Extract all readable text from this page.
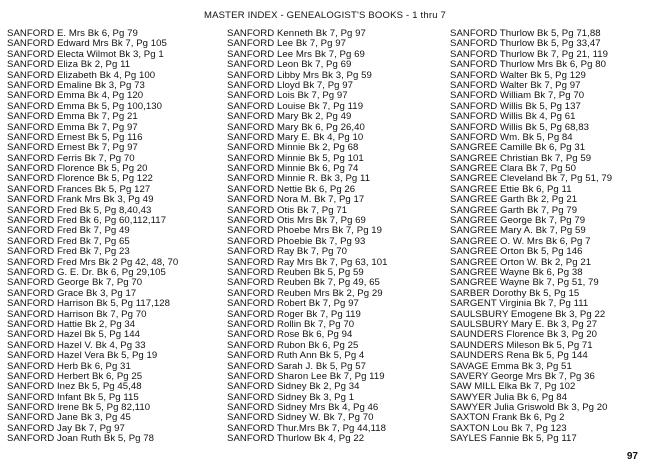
MASTER INDEX - GENEALOGIST'S BOOKS - 1 thru 7
SANFORD E. Mrs Bk 6, Pg 79
SANFORD Edward Mrs Bk 7, Pg 105
SANFORD Electa Wilmot Bk 3, Pg 1
SANFORD Eliza Bk 2, Pg 11
SANFORD Elizabeth Bk 4, Pg 100
SANFORD Emaline Bk 3, Pg 73
SANFORD Emma Bk 4, Pg 120
SANFORD Emma Bk 5, Pg 100,130
SANFORD Emma Bk 7, Pg 21
SANFORD Emma Bk 7, Pg 97
SANFORD Ernest Bk 5, Pg 116
SANFORD Ernest Bk 7, Pg 97
SANFORD Ferris Bk 7, Pg 70
SANFORD Florence Bk 5, Pg 20
SANFORD Florence Bk 5, Pg 122
SANFORD Frances Bk 5, Pg 127
SANFORD Frank Mrs Bk 3, Pg 49
SANFORD Fred Bk 5, Pg 8,40,43
SANFORD Fred Bk 6, Pg 60,112,117
SANFORD Fred Bk 7, Pg 49
SANFORD Fred Bk 7, Pg 65
SANFORD Fred Bk 7, Pg 23
SANFORD Fred Mrs Bk 2 Pg 42, 48, 70
SANFORD G. E. Dr. Bk 6, Pg 29,105
SANFORD George Bk 7, Pg 70
SANFORD Grace Bk 3, Pg 17
SANFORD Harrison Bk 5, Pg 117,128
SANFORD Harrison Bk 7, Pg 70
SANFORD Hattie Bk 2, Pg 34
SANFORD Hazel Bk 5, Pg 144
SANFORD Hazel V. Bk 4, Pg 33
SANFORD Hazel Vera Bk 5, Pg 19
SANFORD Herb Bk 6, Pg 31
SANFORD Herbert Bk 6, Pg 25
SANFORD Inez Bk 5, Pg 45,48
SANFORD Infant Bk 5, Pg 115
SANFORD Irene Bk 5, Pg 82,110
SANFORD Jane Bk 3, Pg 45
SANFORD Jay Bk 7, Pg 97
SANFORD Joan Ruth Bk 5, Pg 78
SANFORD Kenneth Bk 7, Pg 97
SANFORD Lee Bk 7, Pg 97
SANFORD Lee Mrs Bk 7, Pg 69
SANFORD Leon Bk 7, Pg 69
SANFORD Libby Mrs Bk 3, Pg 59
SANFORD Lloyd Bk 7, Pg 97
SANFORD Lois Bk 7, Pg 97
SANFORD Louise Bk 7, Pg 119
SANFORD Mary Bk 2, Pg 49
SANFORD Mary Bk 6, Pg 26,40
SANFORD Mary E. Bk 4, Pg 10
SANFORD Minnie Bk 2, Pg 68
SANFORD Minnie Bk 5, Pg 101
SANFORD Minnie Bk 6, Pg 74
SANFORD Minnie R. Bk 3, Pg 11
SANFORD Nettie Bk 6, Pg 26
SANFORD Nora M. Bk 7, Pg 17
SANFORD Otis Bk 7, Pg 71
SANFORD Otis Mrs Bk 7, Pg 69
SANFORD Phoebe Mrs Bk 7, Pg 19
SANFORD Phoebie Bk 7, Pg 93
SANFORD Ray Bk 7, Pg 70
SANFORD Ray Mrs Bk 7, Pg 63, 101
SANFORD Reuben Bk 5, Pg 59
SANFORD Reuben Bk 7, Pg 49, 65
SANFORD Reuben Mrs Bk 2, Pg 29
SANFORD Robert Bk 7, Pg 97
SANFORD Roger Bk 7, Pg 119
SANFORD Rollin Bk 7, Pg 70
SANFORD Rose Bk 6, Pg 94
SANFORD Rubon Bk 6, Pg 25
SANFORD Ruth Ann Bk 5, Pg 4
SANFORD Sarah J. Bk 5, Pg 57
SANFORD Sharon Lee Bk 7, Pg 119
SANFORD Sidney Bk 2, Pg 34
SANFORD Sidney Bk 3, Pg 1
SANFORD Sidney Mrs Bk 4, Pg 46
SANFORD Sidney W. Bk 7, Pg 70
SANFORD Thur.Mrs Bk 7, Pg 44,118
SANFORD Thurlow Bk 4, Pg 22
SANFORD Thurlow Bk 5, Pg 71,88
SANFORD Thurlow Bk 5, Pg 33,47
SANFORD Thurlow Bk 7, Pg 21, 119
SANFORD Thurlow Mrs Bk 6, Pg 80
SANFORD Walter Bk 5, Pg 129
SANFORD Walter Bk 7, Pg 97
SANFORD William Bk 7, Pg 70
SANFORD Willis Bk 5, Pg 137
SANFORD Willis Bk 4, Pg 61
SANFORD Willis Bk 5, Pg 68,83
SANFORD Wm. Bk 5, Pg 84
SANGREE Camille Bk 6, Pg 31
SANGREE Christian Bk 7, Pg 59
SANGREE Clara Bk 7, Pg 50
SANGREE Cleveland Bk 7, Pg 51, 79
SANGREE Ettie Bk 6, Pg 11
SANGREE Garth Bk 2, Pg 21
SANGREE Garth Bk 7, Pg 79
SANGREE George Bk 7, Pg 79
SANGREE Mary A. Bk 7, Pg 59
SANGREE O. W. Mrs Bk 6, Pg 7
SANGREE Orton Bk 5, Pg 146
SANGREE Orton W. Bk 2, Pg 21
SANGREE Wayne Bk 6, Pg 38
SANGREE Wayne Bk 7, Pg 51, 79
SARBER Dorothy Bk 5, Pg 15
SARGENT Virginia Bk 7, Pg 111
SAULSBURY Emogene Bk 3, Pg 22
SAULSBURY Mary E. Bk 3, Pg 27
SAUNDERS Florence Bk 3, Pg 20
SAUNDERS Mileson Bk 5, Pg 71
SAUNDERS Rena Bk 5, Pg 144
SAVAGE Emma Bk 3, Pg 51
SAVERY George Mrs Bk 7, Pg 36
SAW MILL Elka Bk 7, Pg 102
SAWYER Julia Bk 6, Pg 84
SAWYER Julia Griswold Bk 3, Pg 20
SAXTON Frank Bk 6, Pg 2
SAXTON Lou Bk 7, Pg 123
SAYLES Fannie Bk 5, Pg 117
97
